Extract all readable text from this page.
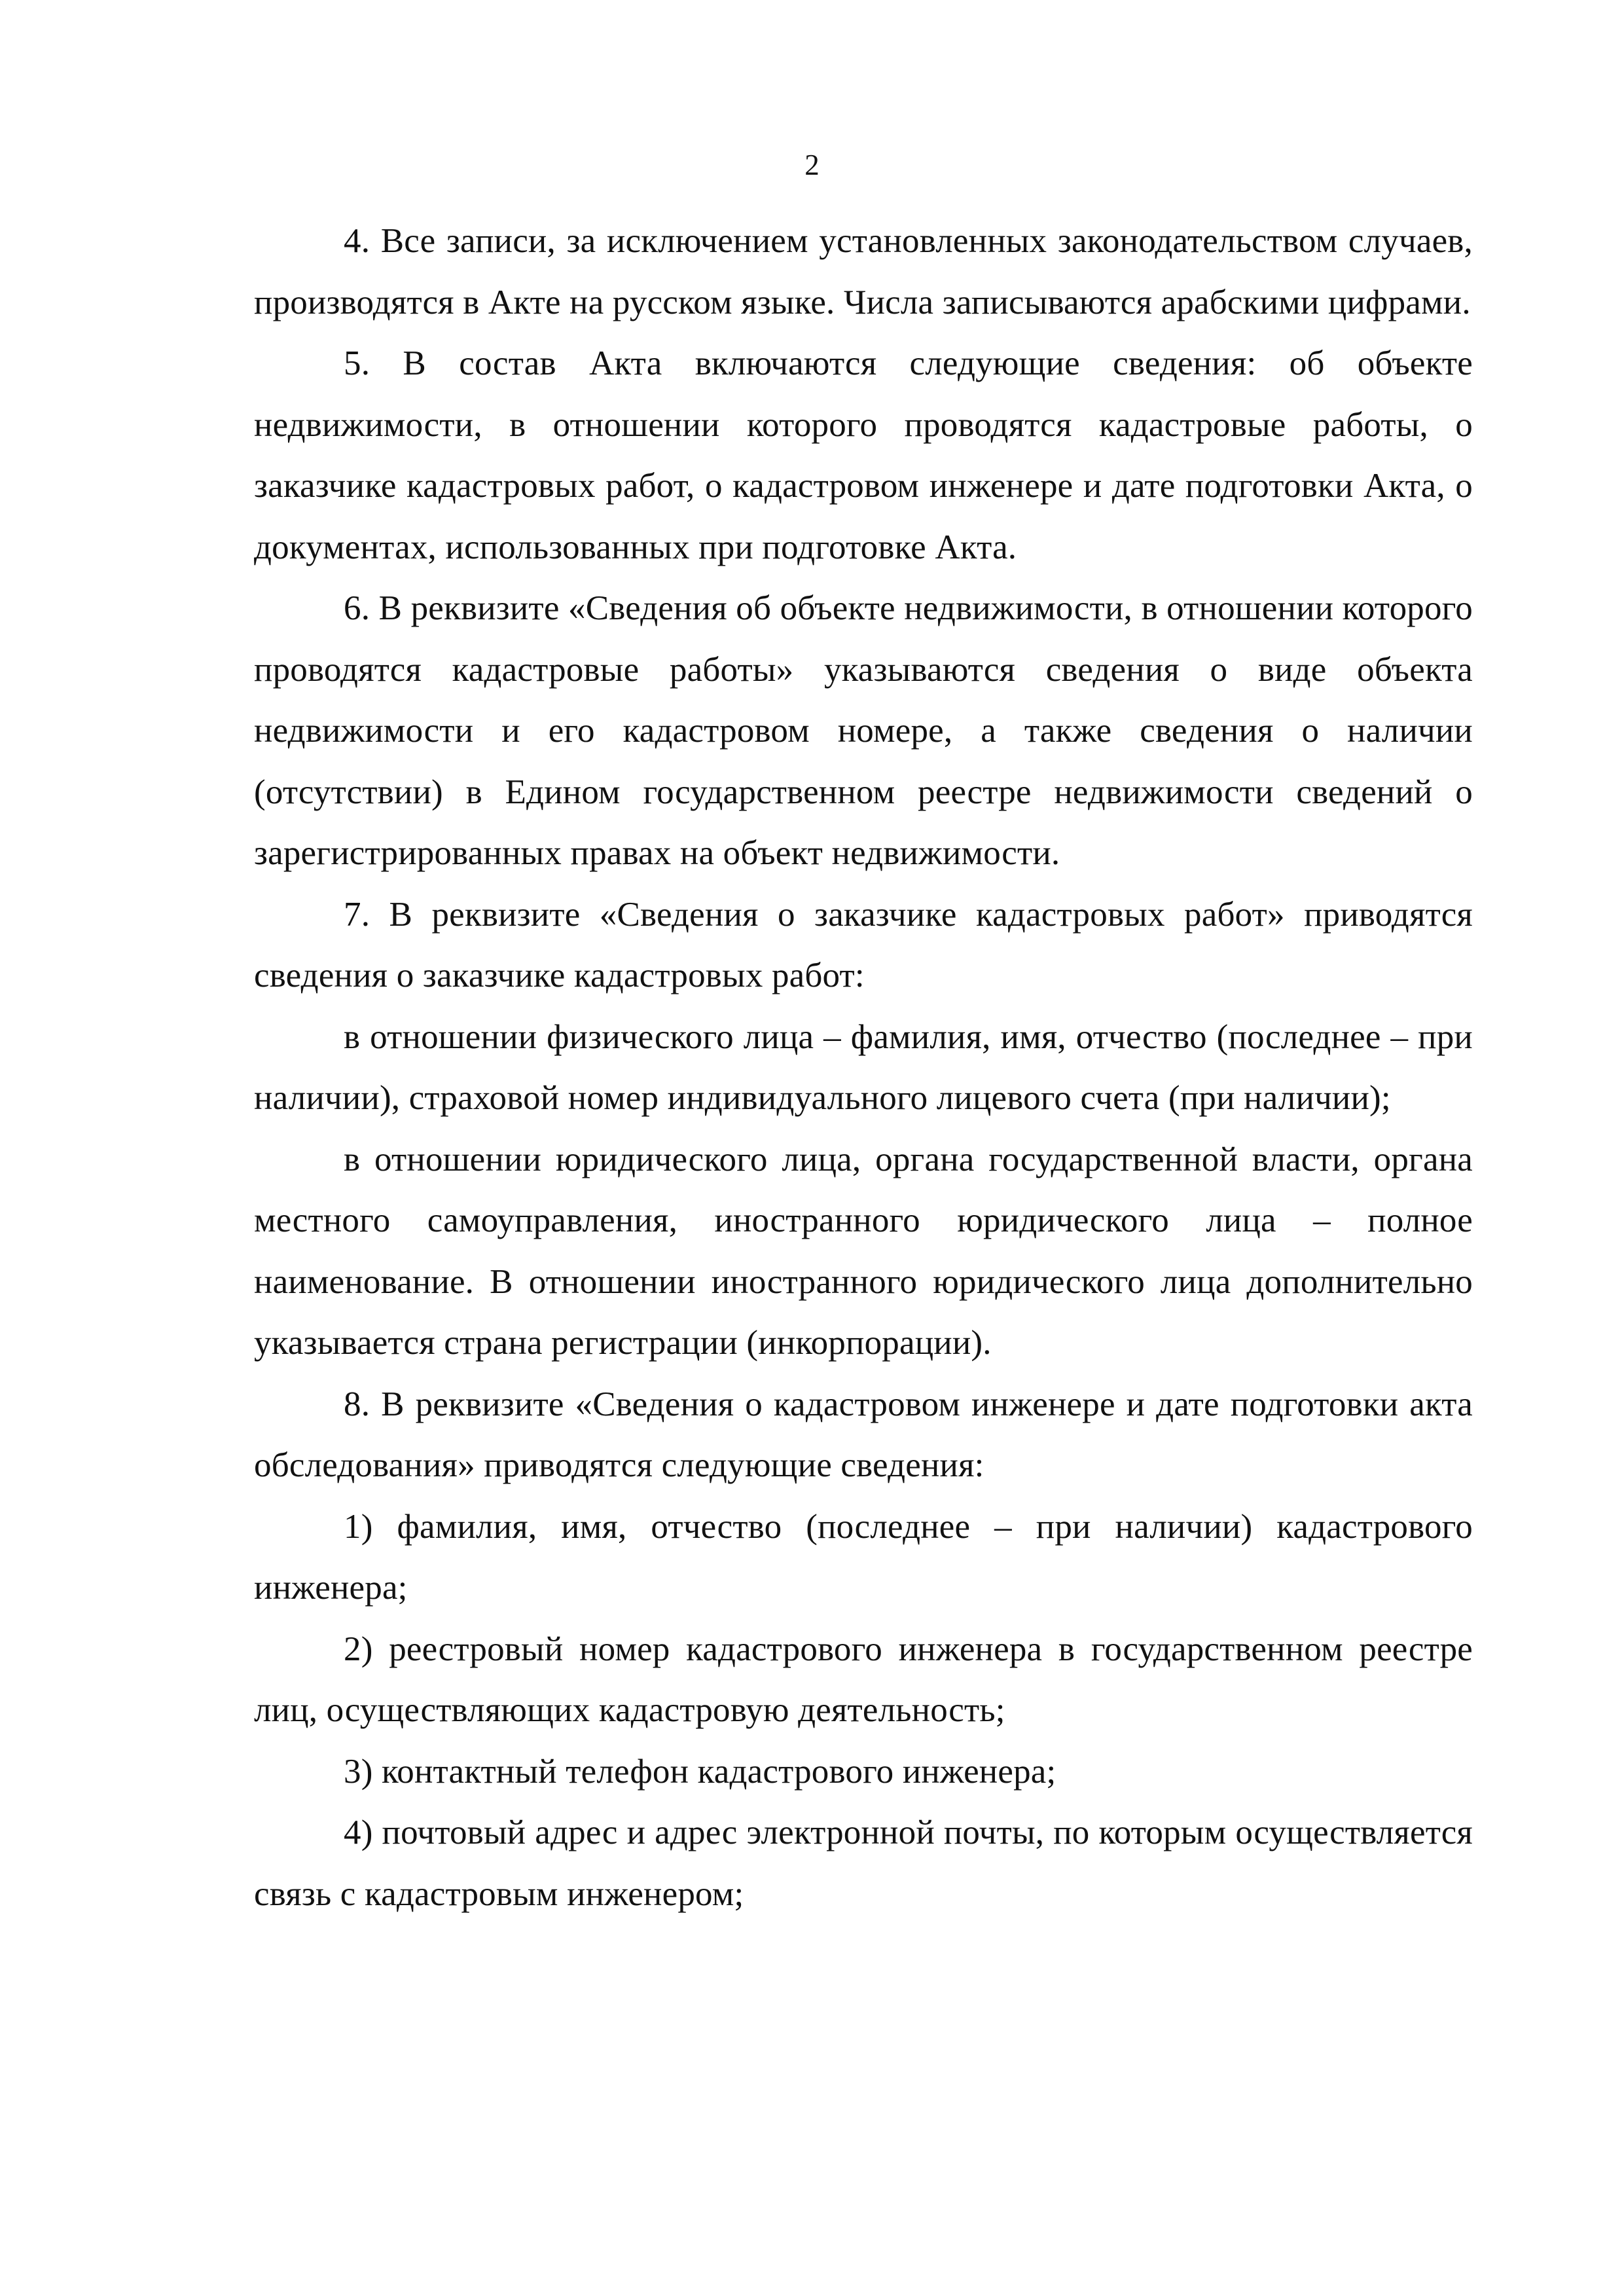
2

4. Все записи, за исключением установленных законодательством случаев, производятся в Акте на русском языке. Числа записываются арабскими цифрами.

5. В состав Акта включаются следующие сведения: об объекте недвижимости, в отношении которого проводятся кадастровые работы, о заказчике кадастровых работ, о кадастровом инженере и дате подготовки Акта, о документах, использованных при подготовке Акта.

6. В реквизите «Сведения об объекте недвижимости, в отношении которого проводятся кадастровые работы» указываются сведения о виде объекта недвижимости и его кадастровом номере, а также сведения о наличии (отсутствии) в Едином государственном реестре недвижимости сведений о зарегистрированных правах на объект недвижимости.

7. В реквизите «Сведения о заказчике кадастровых работ» приводятся сведения о заказчике кадастровых работ:

в отношении физического лица – фамилия, имя, отчество (последнее – при наличии), страховой номер индивидуального лицевого счета (при наличии);

в отношении юридического лица, органа государственной власти, органа местного самоуправления, иностранного юридического лица – полное наименование. В отношении иностранного юридического лица дополнительно указывается страна регистрации (инкорпорации).

8. В реквизите «Сведения о кадастровом инженере и дате подготовки акта обследования» приводятся следующие сведения:

1) фамилия, имя, отчество (последнее – при наличии) кадастрового инженера;

2) реестровый номер кадастрового инженера в государственном реестре лиц, осуществляющих кадастровую деятельность;

3) контактный телефон кадастрового инженера;

4) почтовый адрес и адрес электронной почты, по которым осуществляется связь с кадастровым инженером;
